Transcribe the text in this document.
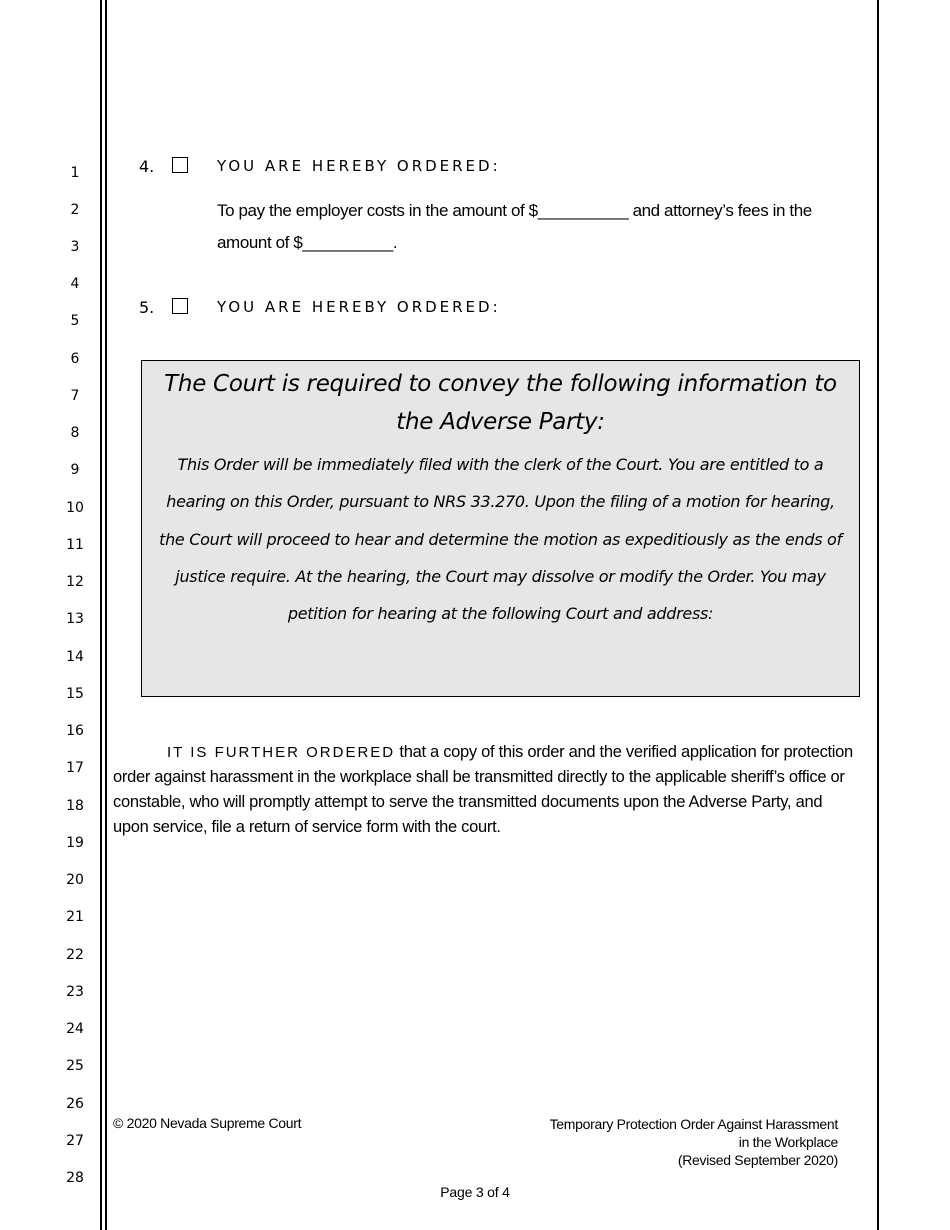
1
2
3
4
5
6
7
8
9
10
11
12
13
14
15
16
17
18
19
20
21
22
23
24
25
26
27
28
4.	YOU ARE HEREBY ORDERED:
To pay the employer costs in the amount of $__________ and attorney’s fees in the amount of $__________.
5.	YOU ARE HEREBY ORDERED:
The Court is required to convey the following information to the Adverse Party:
This Order will be immediately filed with the clerk of the Court. You are entitled to a hearing on this Order, pursuant to NRS 33.270. Upon the filing of a motion for hearing, the Court will proceed to hear and determine the motion as expeditiously as the ends of justice require. At the hearing, the Court may dissolve or modify the Order. You may petition for hearing at the following Court and address:
IT IS FURTHER ORDERED that a copy of this order and the verified application for protection order against harassment in the workplace shall be transmitted directly to the applicable sheriff’s office or constable, who will promptly attempt to serve the transmitted documents upon the Adverse Party, and upon service, file a return of service form with the court.
© 2020 Nevada Supreme Court	Temporary Protection Order Against Harassment
in the Workplace
(Revised September 2020)
Page 3 of 4
